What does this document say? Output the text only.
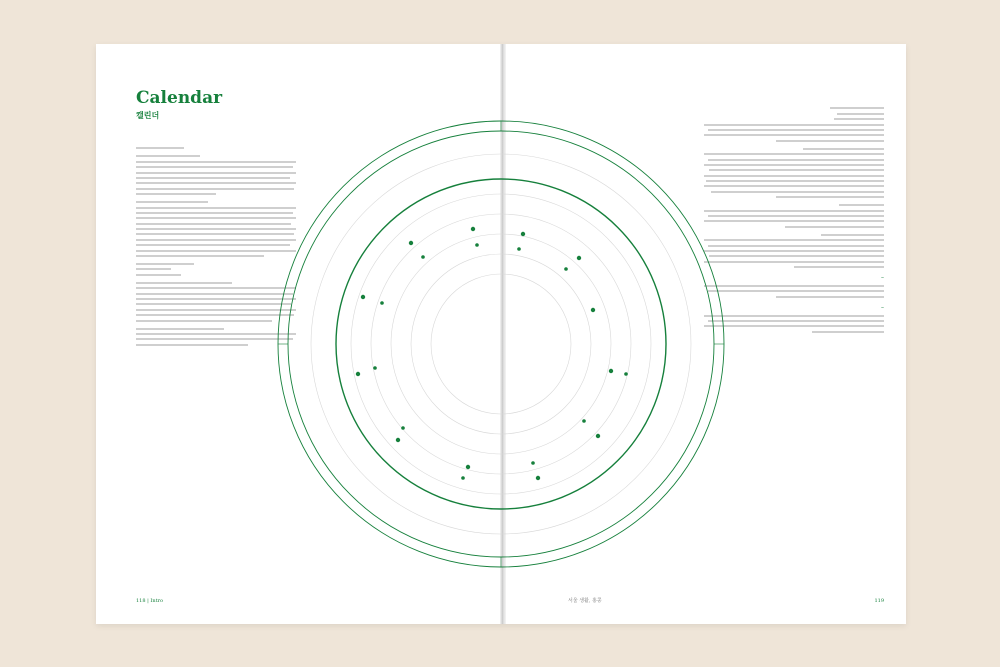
Calendar

캘린더

118 | Intro
–
–
서울 생활, 홍콩	119
